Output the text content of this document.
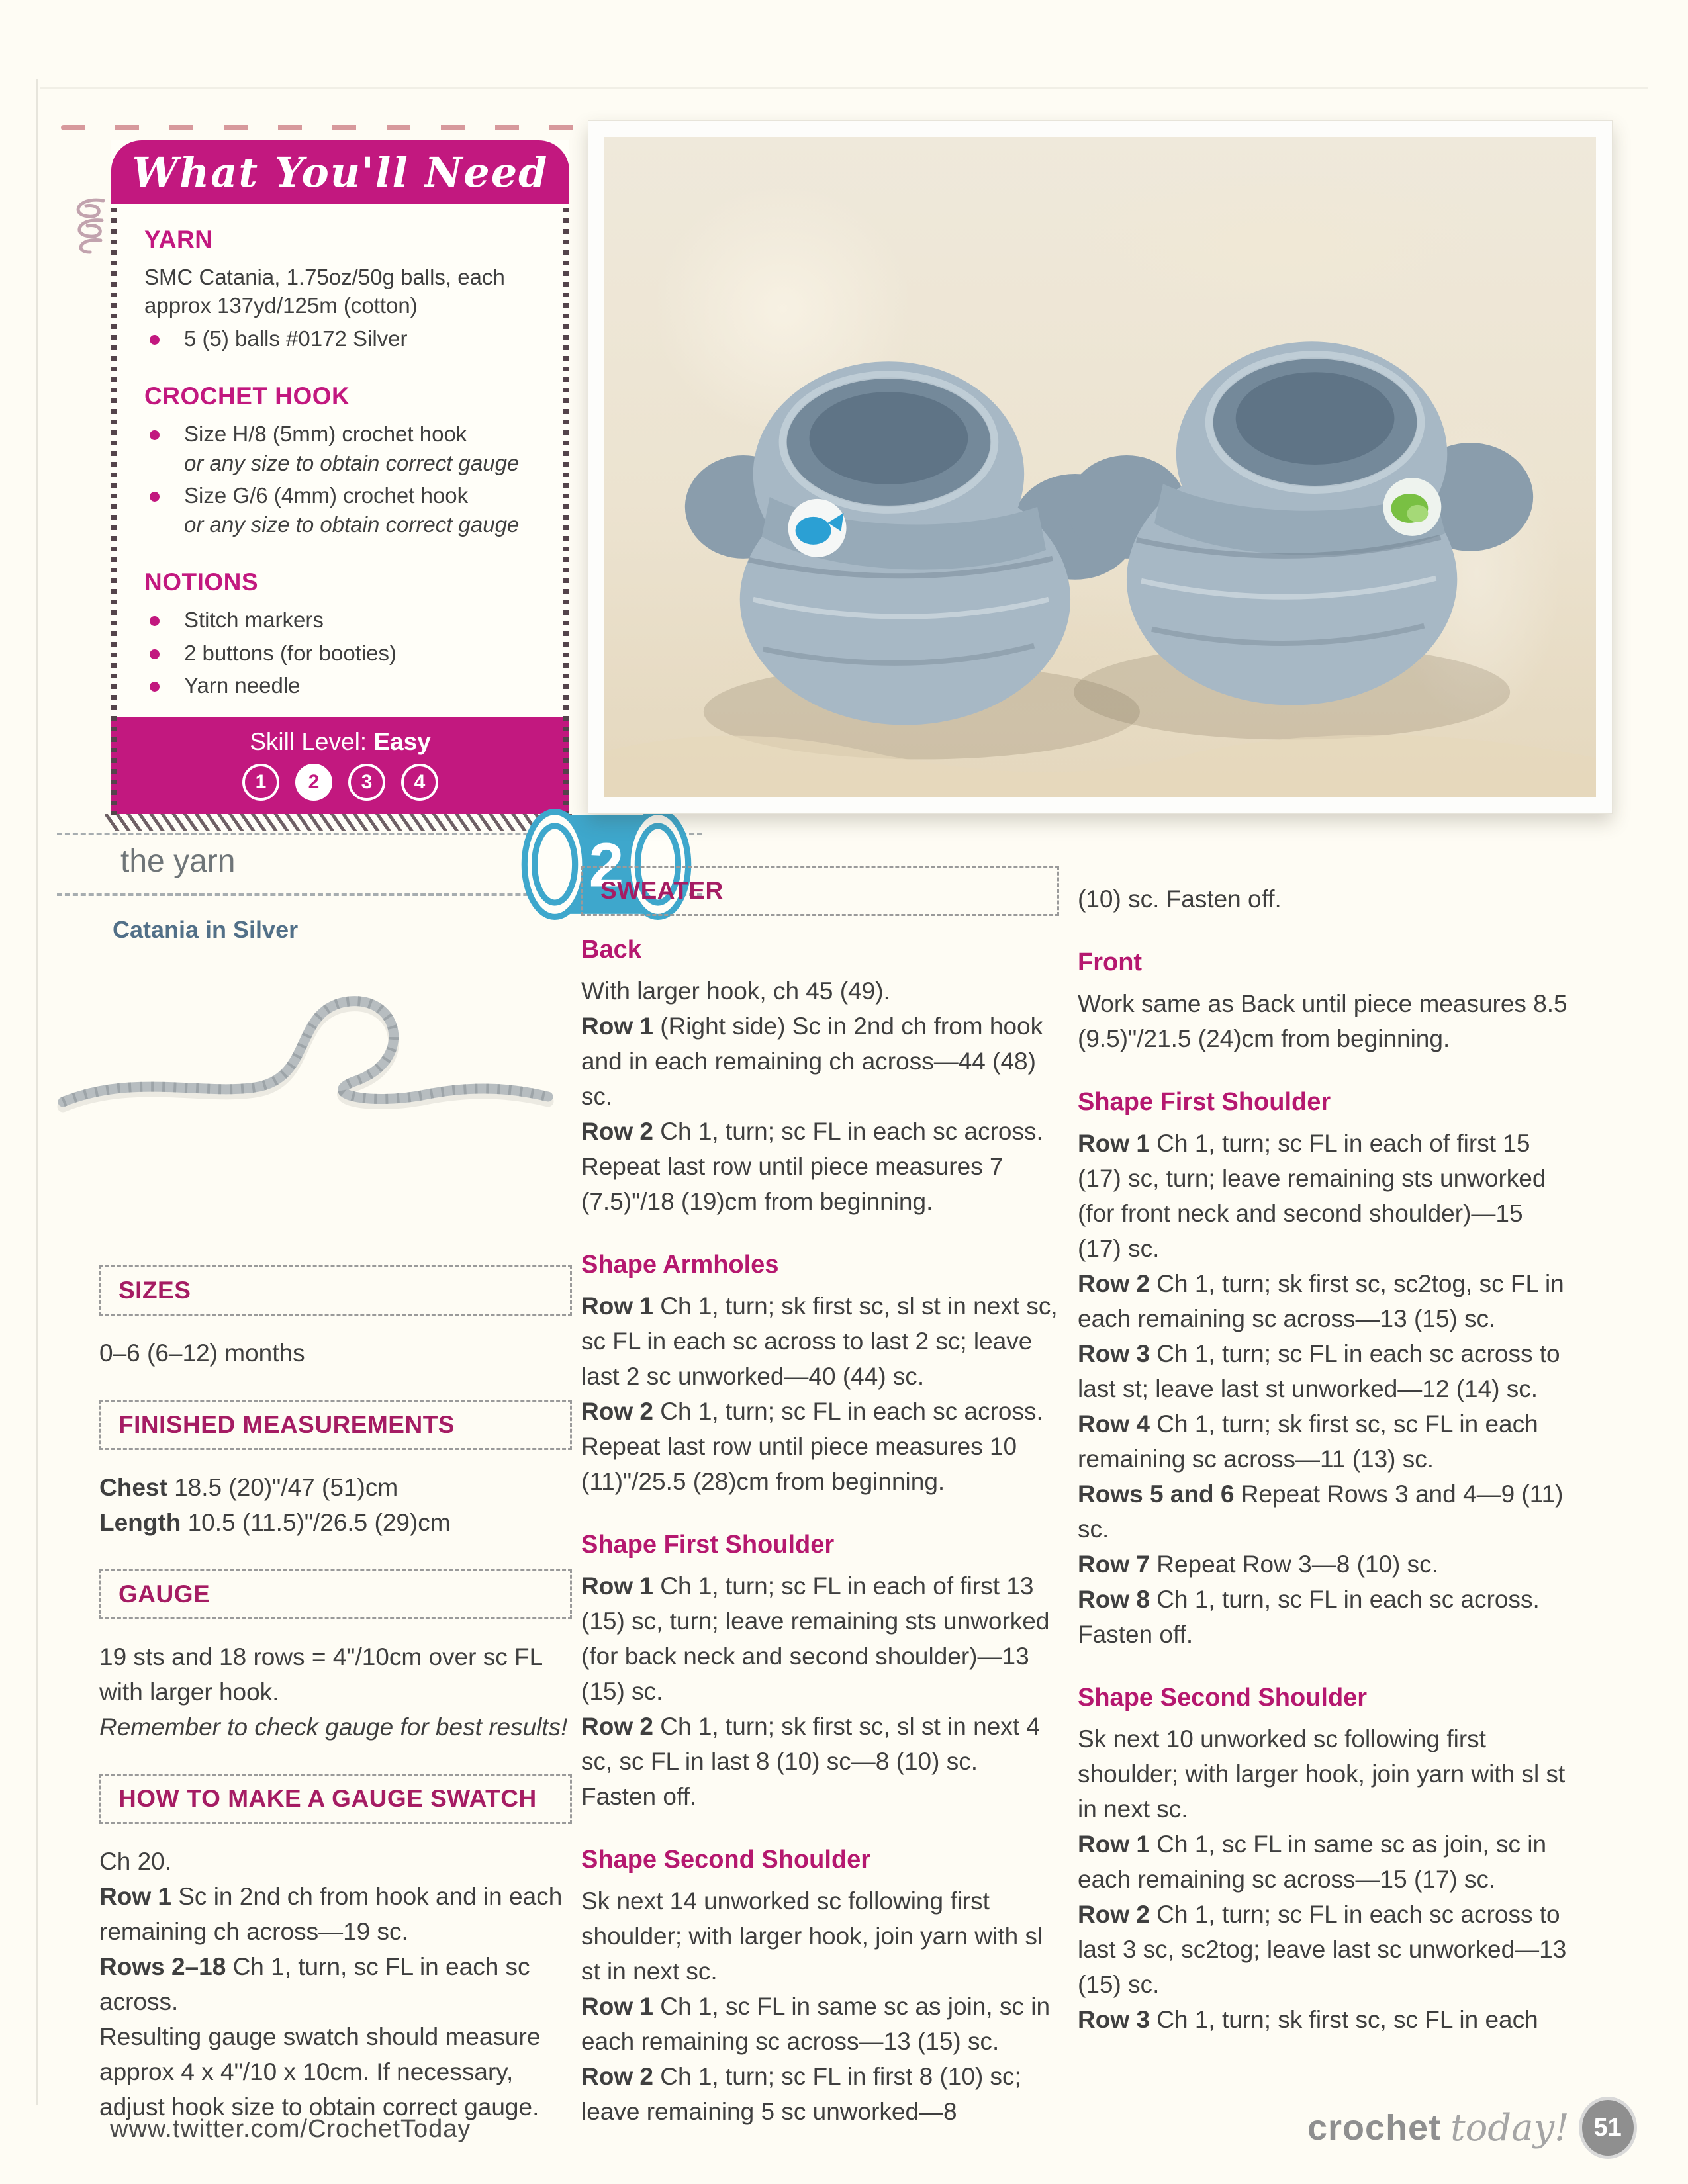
What You'll Need
YARN

SMC Catania, 1.75oz/50g balls, each

approx 137yd/125m (cotton)

5 (5) balls #0172 Silver
CROCHET HOOK
Size H/8 (5mm) crochet hook
or any size to obtain correct gauge
Size G/6 (4mm) crochet hook
or any size to obtain correct gauge
NOTIONS
Stitch markers
2 buttons (for booties)
Yarn needle
Skill Level: Easy
1	2	3	4
the yarn	2
Catania in Silver
SIZES

0–6 (6–12) months

FINISHED MEASUREMENTS

Chest 18.5 (20)"/47 (51)cm

Length 10.5 (11.5)"/26.5 (29)cm

GAUGE

19 sts and 18 rows = 4"/10cm over sc FL with larger hook.

Remember to check gauge for best results!

HOW TO MAKE A GAUGE SWATCH

Ch 20.

Row 1 Sc in 2nd ch from hook and in each remaining ch across—19 sc.

Rows 2–18 Ch 1, turn, sc FL in each sc across.

Resulting gauge swatch should measure approx 4 x 4"/10 x 10cm. If necessary, adjust hook size to obtain correct gauge.

SWEATER
Back

With larger hook, ch 45 (49).

Row 1 (Right side) Sc in 2nd ch from hook and in each remaining ch across—44 (48) sc.

Row 2 Ch 1, turn; sc FL in each sc across.

Repeat last row until piece measures 7 (7.5)"/18 (19)cm from beginning.

Shape Armholes

Row 1 Ch 1, turn; sk first sc, sl st in next sc, sc FL in each sc across to last 2 sc; leave last 2 sc unworked—40 (44) sc.

Row 2 Ch 1, turn; sc FL in each sc across.

Repeat last row until piece measures 10 (11)"/25.5 (28)cm from beginning.

Shape First Shoulder

Row 1 Ch 1, turn; sc FL in each of first 13 (15) sc, turn; leave remaining sts unworked (for back neck and second shoulder)—13 (15) sc.

Row 2 Ch 1, turn; sk first sc, sl st in next 4 sc, sc FL in last 8 (10) sc—8 (10) sc. Fasten off.

Shape Second Shoulder

Sk next 14 unworked sc following first shoulder; with larger hook, join yarn with sl st in next sc.

Row 1 Ch 1, sc FL in same sc as join, sc in each remaining sc across—13 (15) sc.

Row 2 Ch 1, turn; sc FL in first 8 (10) sc; leave remaining 5 sc unworked—8

(10) sc. Fasten off.

Front

Work same as Back until piece measures 8.5 (9.5)"/21.5 (24)cm from beginning.

Shape First Shoulder

Row 1 Ch 1, turn; sc FL in each of first 15 (17) sc, turn; leave remaining sts unworked (for front neck and second shoulder)—15 (17) sc.

Row 2 Ch 1, turn; sk first sc, sc2tog, sc FL in each remaining sc across—13 (15) sc.

Row 3 Ch 1, turn; sc FL in each sc across to last st; leave last st unworked—12 (14) sc.

Row 4 Ch 1, turn; sk first sc, sc FL in each remaining sc across—11 (13) sc.

Rows 5 and 6 Repeat Rows 3 and 4—9 (11) sc.

Row 7 Repeat Row 3—8 (10) sc.

Row 8 Ch 1, turn, sc FL in each sc across. Fasten off.

Shape Second Shoulder

Sk next 10 unworked sc following first shoulder; with larger hook, join yarn with sl st in next sc.

Row 1 Ch 1, sc FL in same sc as join, sc in each remaining sc across—15 (17) sc.

Row 2 Ch 1, turn; sc FL in each sc across to last 3 sc, sc2tog; leave last sc unworked—13 (15) sc.

Row 3 Ch 1, turn; sk first sc, sc FL in each

www.twitter.com/CrochetToday	crochet today! 51
